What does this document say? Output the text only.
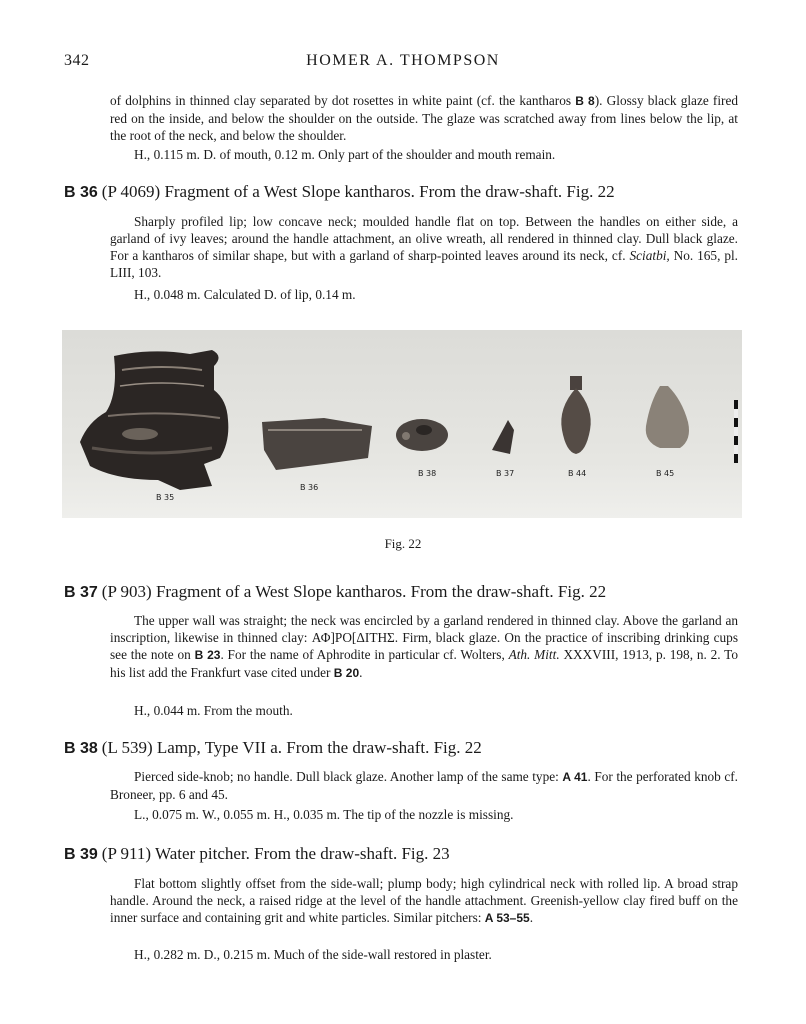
342	HOMER A. THOMPSON
of dolphins in thinned clay separated by dot rosettes in white paint (cf. the kantharos B 8). Glossy black glaze fired red on the inside, and below the shoulder on the outside. The glaze was scratched away from lines below the lip, at the root of the neck, and below the shoulder.
H., 0.115 m. D. of mouth, 0.12 m. Only part of the shoulder and mouth remain.
B 36 (P 4069) Fragment of a West Slope kantharos. From the draw-shaft. Fig. 22
Sharply profiled lip; low concave neck; moulded handle flat on top. Between the handles on either side, a garland of ivy leaves; around the handle attachment, an olive wreath, all rendered in thinned clay. Dull black glaze. For a kantharos of similar shape, but with a garland of sharp-pointed leaves around its neck, cf. Sciatbi, No. 165, pl. LIII, 103.
H., 0.048 m. Calculated D. of lip, 0.14 m.
B 35
B 36
B 38	B 37	B 44	B 45
Fig. 22
B 37 (P 903) Fragment of a West Slope kantharos. From the draw-shaft. Fig. 22
The upper wall was straight; the neck was encircled by a garland rendered in thinned clay. Above the garland an inscription, likewise in thinned clay: ΑΦ]ΡΟ[ΔΙΤΗΣ. Firm, black glaze. On the practice of inscribing drinking cups see the note on B 23. For the name of Aphrodite in particular cf. Wolters, Ath. Mitt. XXXVIII, 1913, p. 198, n. 2. To his list add the Frankfurt vase cited under B 20.
H., 0.044 m. From the mouth.
B 38 (L 539) Lamp, Type VII a. From the draw-shaft. Fig. 22
Pierced side-knob; no handle. Dull black glaze. Another lamp of the same type: A 41. For the perforated knob cf. Broneer, pp. 6 and 45.
L., 0.075 m. W., 0.055 m. H., 0.035 m. The tip of the nozzle is missing.
B 39 (P 911) Water pitcher. From the draw-shaft. Fig. 23
Flat bottom slightly offset from the side-wall; plump body; high cylindrical neck with rolled lip. A broad strap handle. Around the neck, a raised ridge at the level of the handle attachment. Greenish-yellow clay fired buff on the inner surface and containing grit and white particles. Similar pitchers: A 53–55.
H., 0.282 m. D., 0.215 m. Much of the side-wall restored in plaster.
